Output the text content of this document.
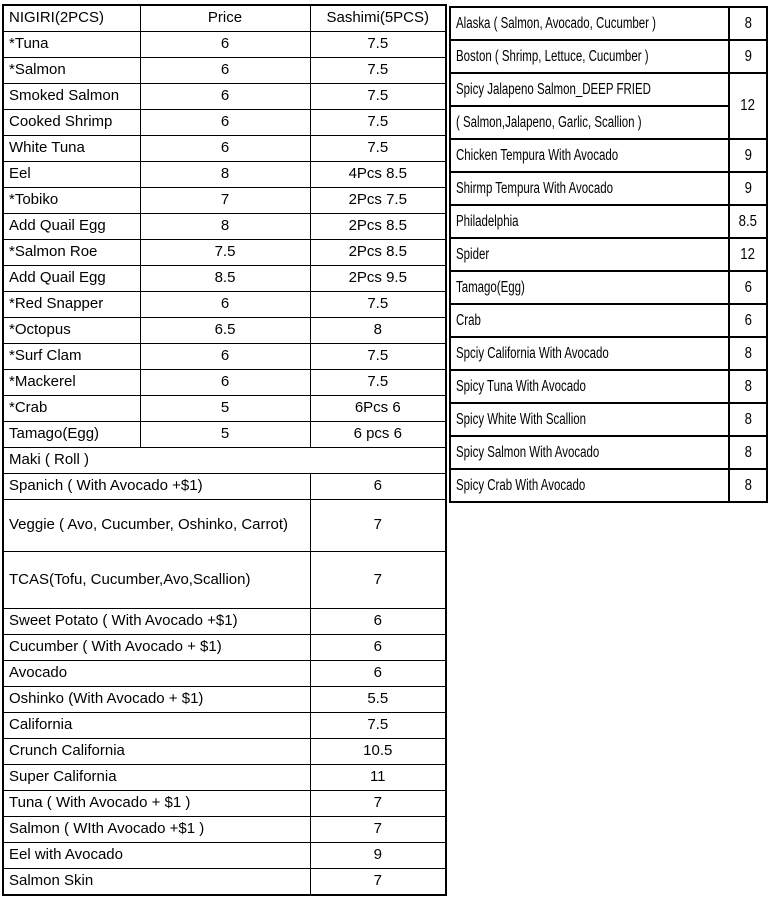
NIGIRI(2PCS)	Price	Sashimi(5PCS)
*Tuna	6	7.5
*Salmon	6	7.5
Smoked Salmon	6	7.5
Cooked Shrimp	6	7.5
White Tuna	6	7.5
Eel	8	4Pcs 8.5
*Tobiko	7	2Pcs 7.5
Add Quail Egg	8	2Pcs 8.5
*Salmon Roe	7.5	2Pcs 8.5
Add Quail Egg	8.5	2Pcs 9.5
*Red Snapper	6	7.5
*Octopus	6.5	8
*Surf Clam	6	7.5
*Mackerel	6	7.5
*Crab	5	6Pcs 6
Tamago(Egg)	5	6 pcs 6
Maki ( Roll )		
Spanich ( With Avocado +$1)		6
Veggie ( Avo, Cucumber, Oshinko, Carrot)		7
TCAS(Tofu, Cucumber,Avo,Scallion)		7
Sweet Potato ( With Avocado +$1)		6
Cucumber ( With Avocado + $1)		6
Avocado		6
Oshinko (With Avocado + $1)		5.5
California		7.5
Crunch California		10.5
Super California		11
Tuna ( With Avocado + $1 )		7
Salmon ( WIth Avocado +$1 )		7
Eel with Avocado		9
Salmon Skin		7
Alaska ( Salmon, Avocado, Cucumber )	8
Boston ( Shrimp, Lettuce, Cucumber )	9
Spicy Jalapeno Salmon_DEEP FRIED	12
( Salmon,Jalapeno, Garlic, Scallion )	
Chicken Tempura With Avocado	9
Shirmp Tempura With Avocado	9
Philadelphia	8.5
Spider	12
Tamago(Egg)	6
Crab	6
Spciy California With Avocado	8
Spicy Tuna With Avocado	8
Spicy White With Scallion	8
Spicy Salmon With Avocado	8
Spicy Crab With Avocado	8
